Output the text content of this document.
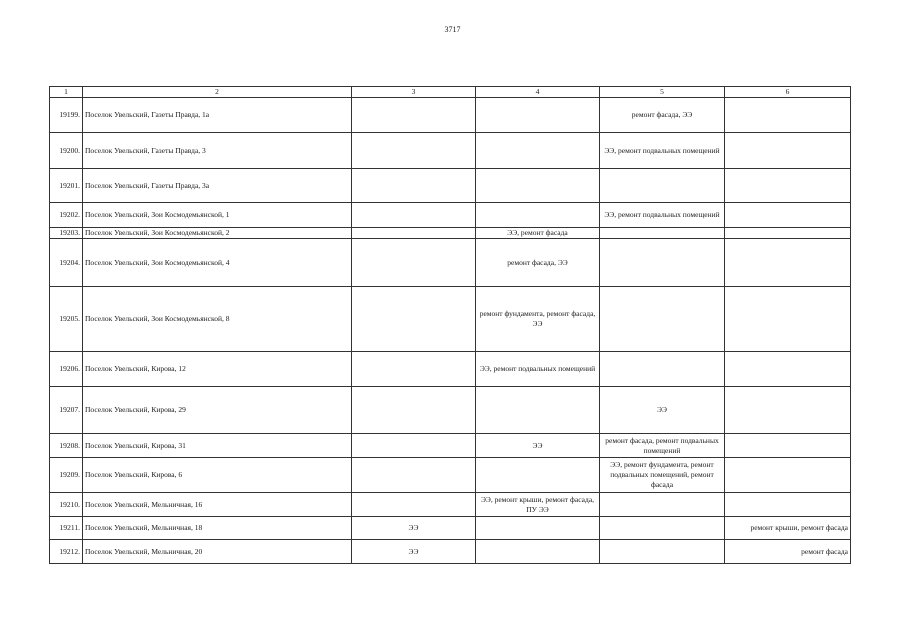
3717
1	2	3	4	5	6
19199.	Поселок Увельский, Газеты Правда, 1а			ремонт фасада, ЭЭ	
19200.	Поселок Увельский, Газеты Правда, 3			ЭЭ, ремонт подвальных помещений	
19201.	Поселок Увельский, Газеты Правда, 3а				
19202.	Поселок Увельский, Зои Космодемьянской, 1			ЭЭ, ремонт подвальных помещений	
19203.	Поселок Увельский, Зои Космодемьянской, 2		ЭЭ, ремонт фасада		
19204.	Поселок Увельский, Зои Космодемьянской, 4		ремонт фасада, ЭЭ		
19205.	Поселок Увельский, Зои Космодемьянской, 8		ремонт фундамента, ремонт фасада, ЭЭ		
19206.	Поселок Увельский, Кирова, 12		ЭЭ, ремонт подвальных помещений		
19207.	Поселок Увельский, Кирова, 29			ЭЭ	
19208.	Поселок Увельский, Кирова, 31		ЭЭ	ремонт фасада, ремонт подвальных помещений	
19209.	Поселок Увельский, Кирова, 6			ЭЭ, ремонт фундамента, ремонт подвальных помещений, ремонт фасада	
19210.	Поселок Увельский, Мельничная, 16		ЭЭ, ремонт крыши, ремонт фасада, ПУ ЭЭ		
19211.	Поселок Увельский, Мельничная, 18	ЭЭ			ремонт крыши, ремонт фасада
19212.	Поселок Увельский, Мельничная, 20	ЭЭ			ремонт фасада
